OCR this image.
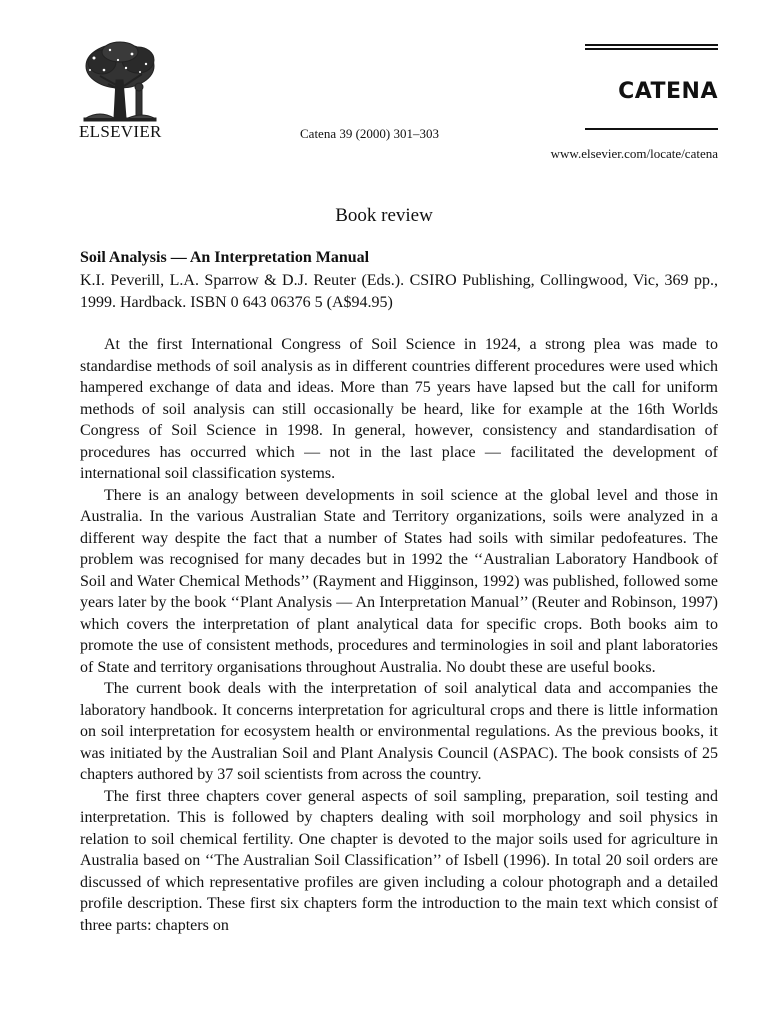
ELSEVIER	Catena 39 (2000) 301–303
CATENA
www.elsevier.com/locate/catena
Book review
Soil Analysis — An Interpretation Manual
K.I. Peverill, L.A. Sparrow & D.J. Reuter (Eds.). CSIRO Publishing, Collingwood, Vic, 369 pp., 1999. Hardback. ISBN 0 643 06376 5 (A$94.95)

At the first International Congress of Soil Science in 1924, a strong plea was made to standardise methods of soil analysis as in different countries different procedures were used which hampered exchange of data and ideas. More than 75 years have lapsed but the call for uniform methods of soil analysis can still occasionally be heard, like for example at the 16th Worlds Congress of Soil Science in 1998. In general, however, consistency and standardisation of procedures has occurred which — not in the last place — facilitated the development of international soil classification systems.

There is an analogy between developments in soil science at the global level and those in Australia. In the various Australian State and Territory organizations, soils were analyzed in a different way despite the fact that a number of States had soils with similar pedofeatures. The problem was recognised for many decades but in 1992 the ‘‘Australian Laboratory Handbook of Soil and Water Chemical Methods’’ (Rayment and Higginson, 1992) was published, followed some years later by the book ‘‘Plant Analysis — An Interpretation Manual’’ (Reuter and Robinson, 1997) which covers the interpretation of plant analytical data for specific crops. Both books aim to promote the use of consistent methods, procedures and terminologies in soil and plant laboratories of State and territory organisations throughout Australia. No doubt these are useful books.

The current book deals with the interpretation of soil analytical data and accompanies the laboratory handbook. It concerns interpretation for agricultural crops and there is little information on soil interpretation for ecosystem health or environmental regulations. As the previous books, it was initiated by the Australian Soil and Plant Analysis Council (ASPAC). The book consists of 25 chapters authored by 37 soil scientists from across the country.

The first three chapters cover general aspects of soil sampling, preparation, soil testing and interpretation. This is followed by chapters dealing with soil morphology and soil physics in relation to soil chemical fertility. One chapter is devoted to the major soils used for agriculture in Australia based on ‘‘The Australian Soil Classification’’ of Isbell (1996). In total 20 soil orders are discussed of which representative profiles are given including a colour photograph and a detailed profile description. These first six chapters form the introduction to the main text which consist of three parts: chapters on
